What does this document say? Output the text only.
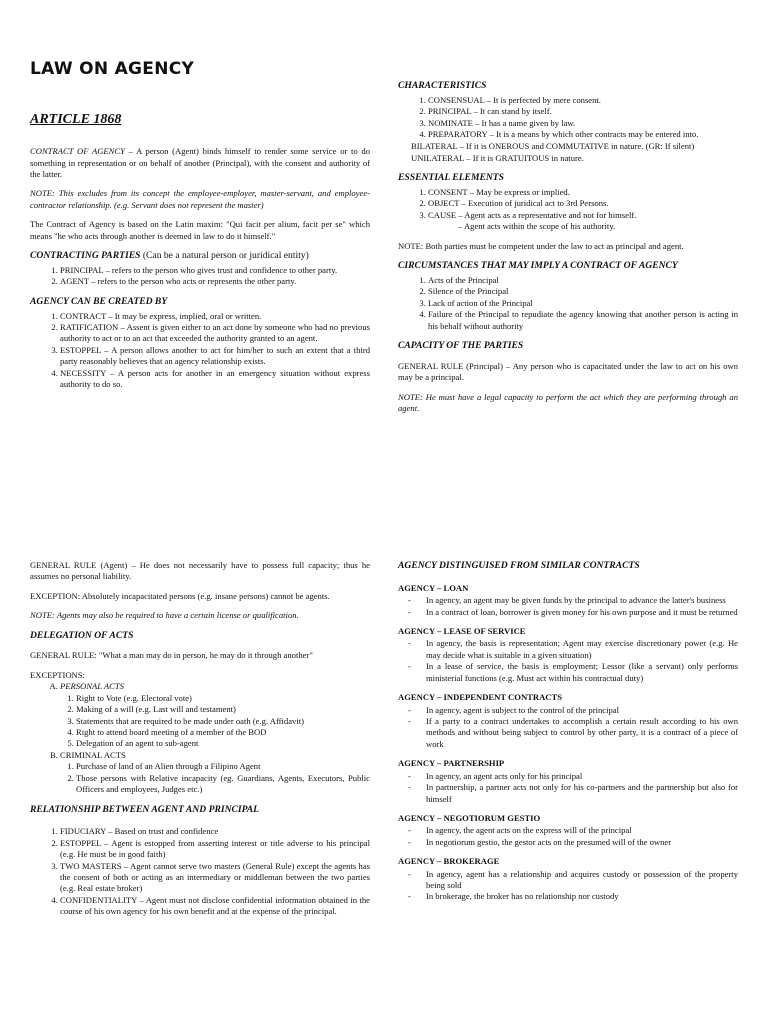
LAW ON AGENCY
ARTICLE 1868

CONTRACT OF AGENCY – A person (Agent) binds himself to render some service or to do something in representation or on behalf of another (Principal), with the consent and authority of the latter.

NOTE: This excludes from its concept the employee-employer, master-servant, and employee-contractor relationship. (e.g. Servant does not represent the master)

The Contract of Agency is based on the Latin maxim: "Qui facit per alium, facit per se" which means "he who acts through another is deemed in law to do it himself."

CONTRACTING PARTIES (Can be a natural person or juridical entity)
1. PRINCIPAL – refers to the person who gives trust and confidence to other party.
2. AGENT – refers to the person who acts or represents the other party.
AGENCY CAN BE CREATED BY
1. CONTRACT – It may be express, implied, oral or written.
2. RATIFICATION – Assent is given either to an act done by someone who had no previous authority to act or to an act that exceeded the authority granted to an agent.
3. ESTOPPEL – A person allows another to act for him/her to such an extent that a third party reasonably believes that an agency relationship exists.
4. NECESSITY – A person acts for another in an emergency situation without express authority to do so.
CHARACTERISTICS
1. CONSENSUAL – It is perfected by mere consent.
2. PRINCIPAL – It can stand by itself.
3. NOMINATE – It has a name given by law.
4. PREPARATORY – It is a means by which other contracts may be entered into.
BILATERAL – If it is ONEROUS and COMMUTATIVE in nature. (GR: If silent)
UNILATERAL – If it is GRATUITOUS in nature.
ESSENTIAL ELEMENTS
1. CONSENT – May be express or implied.
2. OBJECT – Execution of juridical act to 3rd Persons.
3. CAUSE – Agent acts as a representative and not for himself.
– Agent acts within the scope of his authority.

NOTE: Both parties must be competent under the law to act as principal and agent.

CIRCUMSTANCES THAT MAY IMPLY A CONTRACT OF AGENCY
1. Acts of the Principal
2. Silence of the Principal
3. Lack of action of the Principal
4. Failure of the Principal to repudiate the agency knowing that another person is acting in his behalf without authority
CAPACITY OF THE PARTIES

GENERAL RULE (Principal) – Any person who is capacitated under the law to act on his own may be a principal.

NOTE: He must have a legal capacity to perform the act which they are performing through an agent.

GENERAL RULE (Agent) – He does not necessarily have to possess full capacity; thus he assumes no personal liability.

EXCEPTION: Absolutely incapacitated persons (e.g. insane persons) cannot be agents.

NOTE: Agents may also be required to have a certain license or qualification.

DELEGATION OF ACTS

GENERAL RULE: "What a man may do in person, he may do it through another"

EXCEPTIONS:
A. PERSONAL ACTS
1. Right to Vote (e.g. Electoral vote)
2. Making of a will (e.g. Last will and testament)
3. Statements that are required to be made under oath (e.g. Affidavit)
4. Right to attend board meeting of a member of the BOD
5. Delegation of an agent to sub-agent
B. CRIMINAL ACTS
1. Purchase of land of an Alien through a Filipino Agent
2. Those persons with Relative incapacity (eg. Guardians, Agents, Executors, Public Officers and employees, Judges etc.)
RELATIONSHIP BETWEEN AGENT AND PRINCIPAL
1. FIDUCIARY – Based on trust and confidence
2. ESTOPPEL – Agent is estopped from asserting interest or title adverse to his principal (e.g. He must be in good faith)
3. TWO MASTERS – Agent cannot serve two masters (General Rule) except the agents has the consent of both or acting as an intermediary or middleman between the two parties (e.g. Real estate broker)
4. CONFIDENTIALITY – Agent must not disclose confidential information obtained in the course of his own agency for his own benefit and at the expense of the principal.
AGENCY DISTINGUISED FROM SIMILAR CONTRACTS
AGENCY – LOAN
- In agency, an agent may be given funds by the principal to advance the latter's business
- In a contract of loan, borrower is given money for his own purpose and it must be returned
AGENCY – LEASE OF SERVICE
- In agency, the basis is representation; Agent may exercise discretionary power (e.g. He may decide what is suitable in a given situation)
- In a lease of service, the basis is employment; Lessor (like a servant) only performs ministerial functions (e.g. Must act within his contractual duty)
AGENCY – INDEPENDENT CONTRACTS
- In agency, agent is subject to the control of the principal
- If a party to a contract undertakes to accomplish a certain result according to his own methods and without being subject to control by other party, it is a contract of a piece of work
AGENCY – PARTNERSHIP
- In agency, an agent acts only for his principal
- In partnership, a partner acts not only for his co-partners and the partnership but also for himself
AGENCY – NEGOTIORUM GESTIO
- In agency, the agent acts on the express will of the principal
- In negotiorum gestio, the gestor acts on the presumed will of the owner
AGENCY – BROKERAGE
- In agency, agent has a relationship and acquires custody or possession of the property being sold
- In brokerage, the broker has no relationship nor custody
